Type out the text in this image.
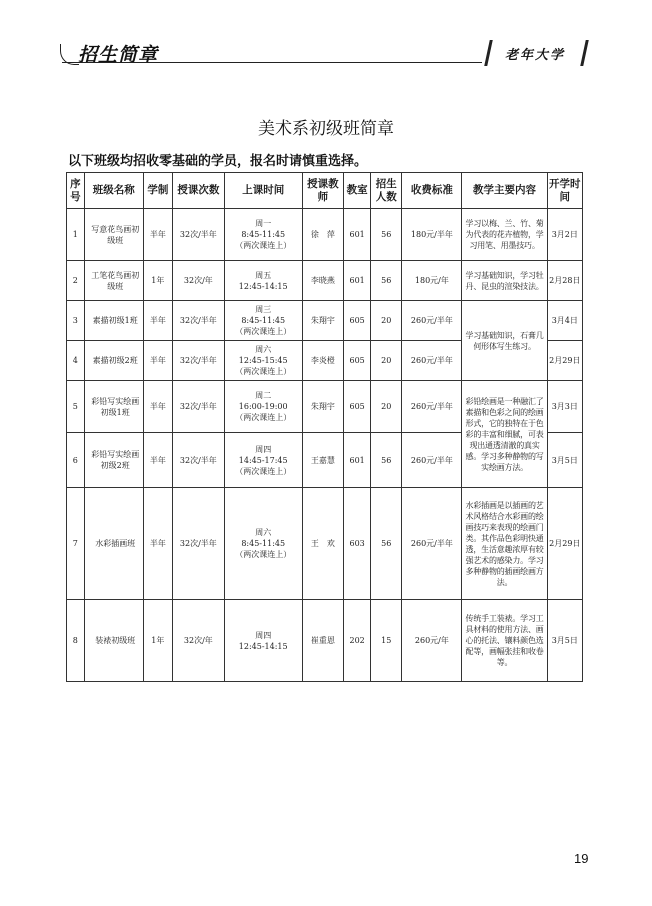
招生简章	老年大学
美术系初级班简章
以下班级均招收零基础的学员，报名时请慎重选择。
序号	班级名称	学制	授课次数	上课时间	授课教师	教室	招生人数	收费标准	教学主要内容	开学时间
1	写意花鸟画初级班	半年	32次/半年	周一
8:45-11:45
（两次课连上）	徐　萍	601	56	180元/半年	学习以梅、兰、竹、菊为代表的花卉植物，学习用笔、用墨技巧。	3月2日
2	工笔花鸟画初级班	1年	32次/年	周五
12:45-14:15	李晓燕	601	56	180元/年	学习基础知识，学习牡丹、昆虫的渲染技法。	2月28日
3	素描初级1班	半年	32次/半年	周三
8:45-11:45
（两次课连上）	朱翔宇	605	20	260元/半年	学习基础知识，石膏几何形体写生练习。	3月4日
4	素描初级2班	半年	32次/半年	周六
12:45-15:45
（两次课连上）	李炎橙	605	20	260元/半年		2月29日
5	彩铅写实绘画初级1班	半年	32次/半年	周二
16:00-19:00
（两次课连上）	朱翔宇	605	20	260元/半年	彩铅绘画是一种融汇了素描和色彩之间的绘画形式，它的独特在于色彩的丰富和细腻，可表现出通透清澈的真实感。学习多种静物的写实绘画方法。	3月3日
6	彩铅写实绘画初级2班	半年	32次/半年	周四
14:45-17:45
（两次课连上）	王嘉慧	601	56	260元/半年		3月5日
7	水彩插画班	半年	32次/半年	周六
8:45-11:45
（两次课连上）	王　欢	603	56	260元/半年	水彩插画是以插画的艺术风格结合水彩画的绘画技巧来表现的绘画门类。其作品色彩明快通透，生活意趣浓厚有较强艺术的感染力。学习多种静物的插画绘画方法。	2月29日
8	装裱初级班	1年	32次/年	周四
12:45-14:15	崔重恩	202	15	260元/年	传统手工装裱。学习工具材料的使用方法、画心的托法、镶料颜色选配等，画幅张挂和收卷等。	3月5日
19
